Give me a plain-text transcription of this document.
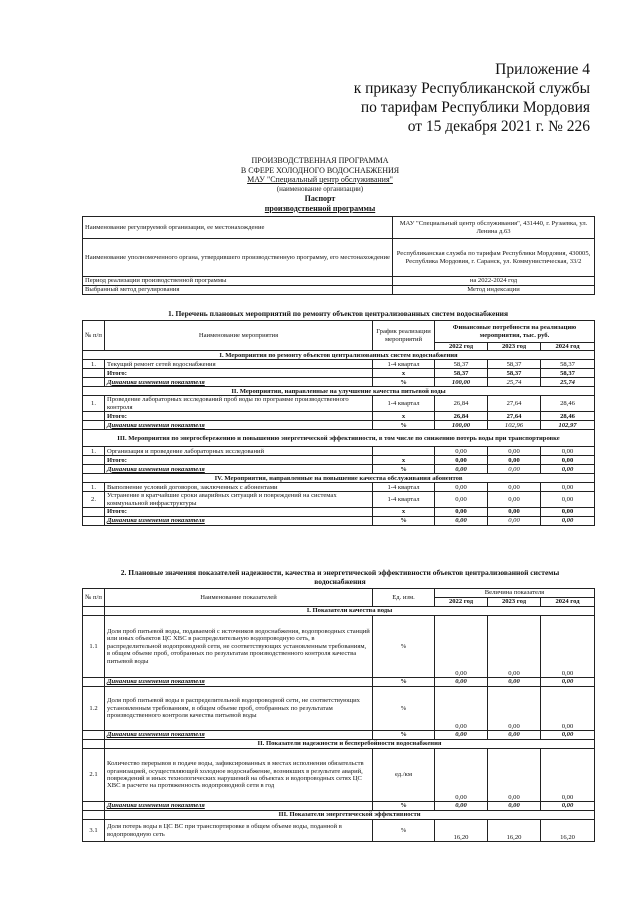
Приложение 4
к приказу Республиканской службы
по тарифам Республики Мордовия
от 15 декабря 2021 г. № 226
ПРОИЗВОДСТВЕННАЯ ПРОГРАММА
В СФЕРЕ ХОЛОДНОГО ВОДОСНАБЖЕНИЯ
МАУ "Специальный центр обслуживания"
(наименование организации)
Паспорт
производственной программы
Наименование регулируемой организации, ее местонахождение	МАУ "Специальный центр обслуживания", 431440, г. Рузаевка, ул. Ленина д.63
Наименование уполномоченного органа, утвердившего производственную программу, его местонахождение	Республиканская служба по тарифам Республики Мордовия, 430005, Республика Мордовия, г. Саранск, ул. Коммунистическая, 33/2
Период реализации производственной программы	на 2022-2024 год
Выбранный метод регулирования	Метод индексации
1. Перечень плановых мероприятий по ремонту объектов централизованных систем водоснабжения
№ п/п	Наименование мероприятия	График реализации мероприятий	Финансовые потребности на реализацию мероприятия, тыс. руб.		
			2022 год	2023 год	2024 год
I. Мероприятия по ремонту объектов централизованных систем водоснабжения					
1.	Текущий ремонт сетей водоснабжения	1-4 квартал	58,37	58,37	58,37
	Итого:	х	58,37	58,37	58,37
	Динамика изменения показателя	%	100,00	25,74	25,74
II. Мероприятия, направленные на улучшение качества питьевой воды					
1.	Проведение лабораторных исследований проб воды по программе производственного контроля	1-4 квартал	26,84	27,64	28,46
	Итого:	х	26,84	27,64	28,46
	Динамика изменения показателя	%	100,00	102,96	102,97
III. Мероприятия по энергосбережению и повышению энергетической эффективности, в том числе по снижению потерь воды при транспортировке					
1.	Организация и проведение лабораторных исследований		0,00	0,00	0,00
	Итого:	х	0,00	0,00	0,00
	Динамика изменения показателя	%	0,00	0,00	0,00
IV. Мероприятия, направленные на повышение качества обслуживания абонентов					
1.	Выполнение условий договоров, заключенных с абонентами	1-4 квартал	0,00	0,00	0,00
2.	Устранение в кратчайшие сроки аварийных ситуаций и повреждений на системах коммунальной инфраструктуры	1-4 квартал	0,00	0,00	0,00
	Итого:	х	0,00	0,00	0,00
	Динамика изменения показателя	%	0,00	0,00	0,00
2. Плановые значения показателей надежности, качества и энергетической эффективности объектов централизованной системы водоснабжения
№ п/п	Наименование показателей	Ед. изм.	Величина показателя		
			2022 год	2023 год	2024 год
	I. Показатели качества воды				
1.1	Доля проб питьевой воды, подаваемой с источников водоснабжения, водопроводных станций или иных объектов ЦС ХВС в распределительную водопроводную сеть, в распределительной водопроводной сети, не соответствующих установленным требованиям, в общем объеме проб, отобранных по результатам производственного контроля качества питьевой воды	%	0,00	0,00	0,00
	Динамика изменения показателя	%	0,00	0,00	0,00
1.2	Доля проб питьевой воды в распределительной водопроводной сети, не соответствующих установленным требованиям, в общем объеме проб, отобранных по результатам производственного контроля качества питьевой воды	%	0,00	0,00	0,00
	Динамика изменения показателя	%	0,00	0,00	0,00
	II. Показатели надежности и бесперебойности водоснабжения				
2.1	Количество перерывов в подаче воды, зафиксированных в местах исполнения обязательств организацией, осуществляющей холодное водоснабжение, возникших в результате аварий, повреждений и иных технологических нарушений на объектах и водопроводных сетях ЦС ХВС в расчете на протяженность водопроводной сети в год	ед./км	0,00	0,00	0,00
	Динамика изменения показателя	%	0,00	0,00	0,00
	III. Показатели энергетической эффективности				
3.1	Доля потерь воды в ЦС ВС при транспортировке в общем объеме воды, поданной в водопроводную сеть	%	16,20	16,20	16,20
